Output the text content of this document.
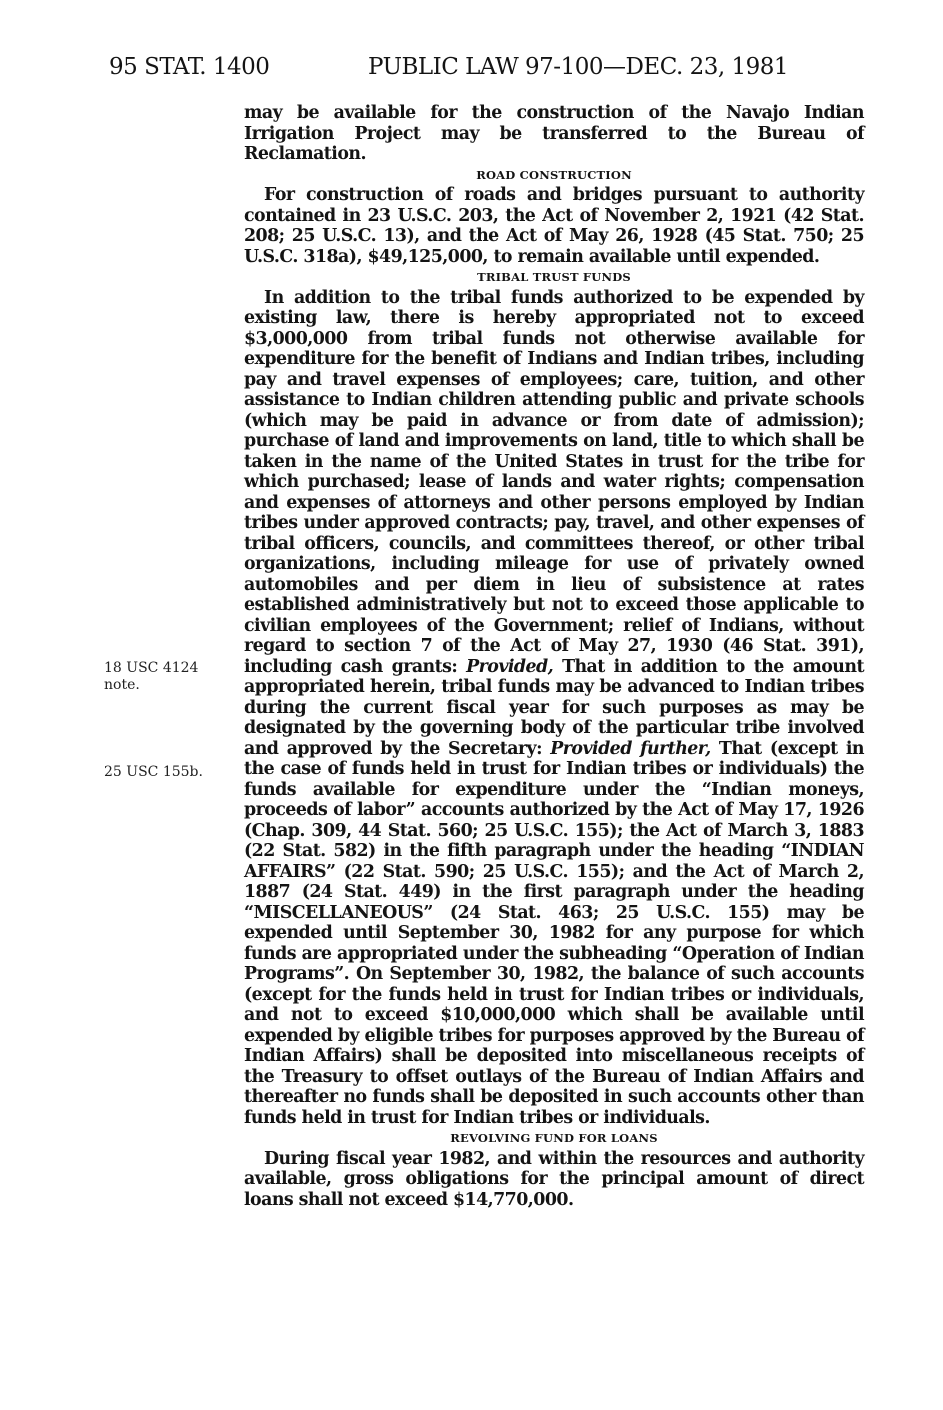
95 STAT. 1400	PUBLIC LAW 97-100—DEC. 23, 1981
18 USC 4124
note.
25 USC 155b.

may be available for the construction of the Navajo Indian Irrigation Project may be transferred to the Bureau of Reclamation.

ROAD CONSTRUCTION

For construction of roads and bridges pursuant to authority contained in 23 U.S.C. 203, the Act of November 2, 1921 (42 Stat. 208; 25 U.S.C. 13), and the Act of May 26, 1928 (45 Stat. 750; 25 U.S.C. 318a), $49,125,000, to remain available until expended.

TRIBAL TRUST FUNDS

In addition to the tribal funds authorized to be expended by existing law, there is hereby appropriated not to exceed $3,000,000 from tribal funds not otherwise available for expenditure for the benefit of Indians and Indian tribes, including pay and travel expenses of employees; care, tuition, and other assistance to Indian children attending public and private schools (which may be paid in advance or from date of admission); purchase of land and improvements on land, title to which shall be taken in the name of the United States in trust for the tribe for which purchased; lease of lands and water rights; compensation and expenses of attorneys and other persons employed by Indian tribes under approved contracts; pay, travel, and other expenses of tribal officers, councils, and committees thereof, or other tribal organizations, including mileage for use of privately owned automobiles and per diem in lieu of subsistence at rates established administratively but not to exceed those applicable to civilian employees of the Government; relief of Indians, without regard to section 7 of the Act of May 27, 1930 (46 Stat. 391), including cash grants: Provided, That in addition to the amount appropriated herein, tribal funds may be advanced to Indian tribes during the current fiscal year for such purposes as may be designated by the governing body of the particular tribe involved and approved by the Secretary: Provided further, That (except in the case of funds held in trust for Indian tribes or individuals) the funds available for expenditure under the “Indian moneys, proceeds of labor” accounts authorized by the Act of May 17, 1926 (Chap. 309, 44 Stat. 560; 25 U.S.C. 155); the Act of March 3, 1883 (22 Stat. 582) in the fifth paragraph under the heading “INDIAN AFFAIRS” (22 Stat. 590; 25 U.S.C. 155); and the Act of March 2, 1887 (24 Stat. 449) in the first paragraph under the heading “MISCELLANEOUS” (24 Stat. 463; 25 U.S.C. 155) may be expended until September 30, 1982 for any purpose for which funds are appropriated under the subheading “Operation of Indian Programs”. On September 30, 1982, the balance of such accounts (except for the funds held in trust for Indian tribes or individuals, and not to exceed $10,000,000 which shall be available until expended by eligible tribes for purposes approved by the Bureau of Indian Affairs) shall be deposited into miscellaneous receipts of the Treasury to offset outlays of the Bureau of Indian Affairs and thereafter no funds shall be deposited in such accounts other than funds held in trust for Indian tribes or individuals.

REVOLVING FUND FOR LOANS

During fiscal year 1982, and within the resources and authority available, gross obligations for the principal amount of direct loans shall not exceed $14,770,000.
